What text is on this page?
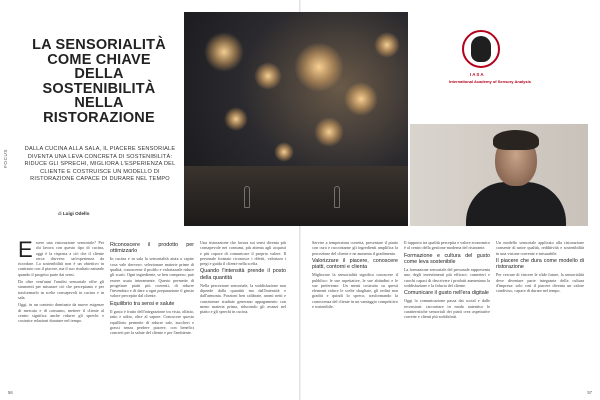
FOCUS
LA SENSORIALITÀ
COME CHIAVE
DELLA
SOSTENIBILITÀ
NELLA
RISTORAZIONE
DALLA CUCINA ALLA SALA, IL PIACERE SENSORIALE DIVENTA UNA LEVA CONCRETA DI SOSTENIBILITÀ: RIDUCE GLI SPRECHI, MIGLIORA L'ESPERIENZA DEL CLIENTE E COSTRUISCE UN MODELLO DI RISTORAZIONE CAPACE DI DURARE NEL TEMPO
di Luigi Odello
IASA
International Academy of Sensory Analysis

Essere una ristorazione sensoriale? Per chi lavora con questo tipo di cucina, oggi è la risposta a ciò che il cliente cerca davvero: un'esperienza da ricordare. La sostenibilità non è un obiettivo in contrasto con il piacere, ma il suo risultato naturale quando il progetto parte dai sensi.

Da oltre vent'anni l'analisi sensoriale offre gli strumenti per misurare ciò che percepiamo e per trasformarlo in scelte consapevoli in cucina e in sala.

Oggi, in un contesto dominato da nuove esigenze di mercato e di consumo, mettere il cliente al centro significa anche ridurre gli sprechi e costruire relazioni durature nel tempo.

Riconoscere il prodotto per ottimizzarlo

In cucina e in sala la sensorialità aiuta a capire cosa vale davvero: selezionare materie prime di qualità, conoscerne il profilo e valorizzarle riduce gli scarti. Ogni ingrediente, se ben compreso, può essere usato interamente. Questo permette di progettare piatti più coerenti, di ridurre l'invenduto e di dare a ogni preparazione il giusto valore percepito dal cliente.

Equilibrio tra sensi e salute

Il gusto è frutto dell'integrazione tra vista, olfatto, tatto e udito, oltre al sapore. Conoscere questo equilibrio permette di ridurre sale, zuccheri e grassi senza perdere piacere, con benefici concreti per la salute del cliente e per l'ambiente.

Una ristorazione che lavora sui sensi diventa più consapevole nei consumi, più attenta agli acquisti e più capace di comunicare il proprio valore. Il personale formato riconosce i difetti, valorizza i pregi e guida il cliente nella scelta.

Quando l'intensità prende il posto della quantità

Nella percezione sensoriale, la soddisfazione non dipende dalla quantità ma dall'intensità e dall'armonia. Porzioni ben calibrate, aromi netti e consistenze studiate generano appagamento con meno materia prima, riducendo gli avanzi nel piatto e gli sprechi in cucina.

Servire a temperatura corretta, presentare il piatto con cura e raccontarne gli ingredienti amplifica la percezione del cliente e ne aumenta il gradimento.

Valorizzare il piacere, conoscere piatti, contorni e clienta

Migliorare la sensorialità significa conoscere il pubblico: le sue aspettative, le sue abitudini e le sue preferenze. Un menù costruito su questi elementi riduce le scelte sbagliate, gli ordini non graditi e quindi lo spreco, trasformando la conoscenza del cliente in un vantaggio competitivo e sostenibile.

Il rapporto tra qualità percepita e valore economico è al centro della gestione moderna del ristorante.

Formazione e cultura del gusto come leva sostenibile

La formazione sensoriale del personale rappresenta uno degli investimenti più efficaci: camerieri e cuochi capaci di descrivere i prodotti aumentano la soddisfazione e la fiducia del cliente.

Comunicare il gusto nell'era digitale

Oggi la comunicazione passa dai social e dalle recensioni: raccontare in modo autentico le caratteristiche sensoriali dei piatti crea aspettative corrette e clienti più soddisfatti.

Un modello sensoriale applicato alla ristorazione consente di unire qualità, redditività e sostenibilità in una visione coerente e misurabile.

Il piacere che dura come modello di ristorazione

Per cercare di vincere le sfide future, la sensorialità deve diventare parte integrante della cultura d'impresa: solo così il piacere diventa un valore condiviso, capace di durare nel tempo.

56	57
